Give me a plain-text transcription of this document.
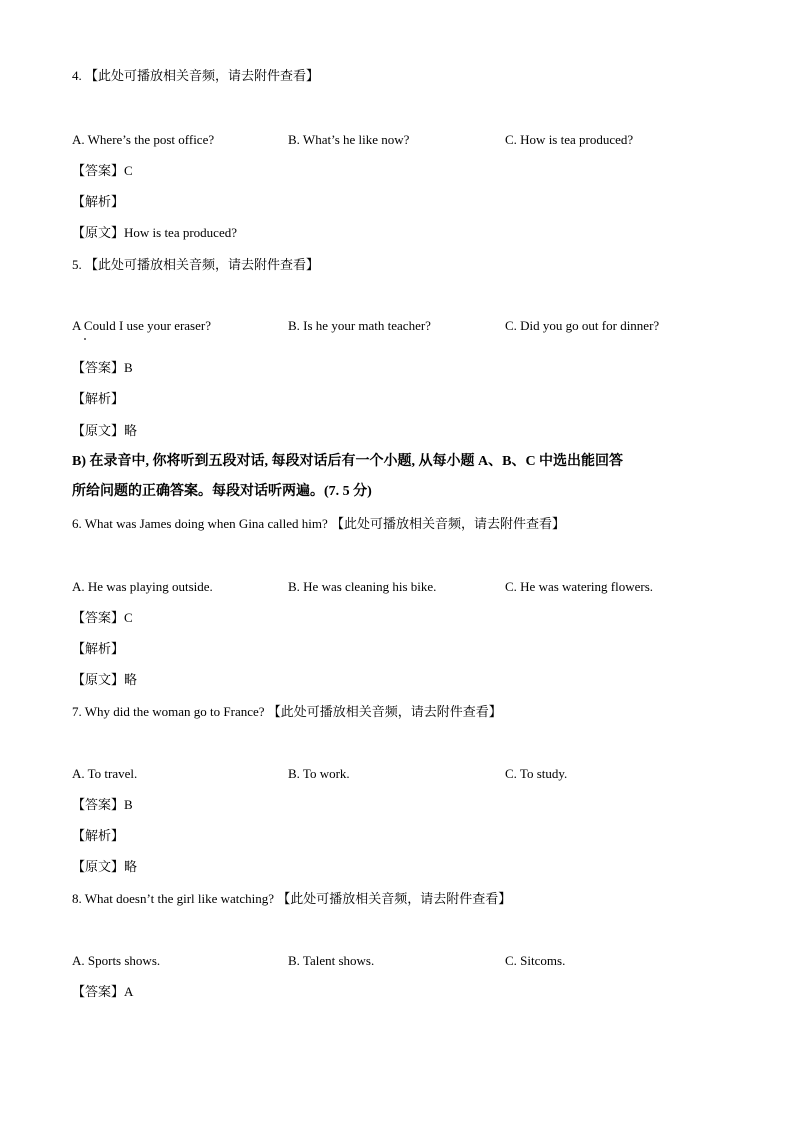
4. 【此处可播放相关音频，请去附件查看】
A. Where’s the post office?	B. What’s he like now?	C. How is tea produced?
【答案】C
【解析】
【原文】How is tea produced?
5. 【此处可播放相关音频，请去附件查看】
A Could I use your eraser?	B. Is he your math teacher?	C. Did you go out for dinner?
【答案】B
【解析】
【原文】略
B) 在录音中, 你将听到五段对话, 每段对话后有一个小题, 从每小题 A、B、C 中选出能回答
所给问题的正确答案。每段对话听两遍。(7. 5 分)
6. What was James doing when Gina called him? 【此处可播放相关音频，请去附件查看】
A. He was playing outside.	B. He was cleaning his bike.	C. He was watering flowers.
【答案】C
【解析】
【原文】略
7. Why did the woman go to France? 【此处可播放相关音频，请去附件查看】
A. To travel.	B. To work.	C. To study.
【答案】B
【解析】
【原文】略
8. What doesn’t the girl like watching? 【此处可播放相关音频，请去附件查看】
A. Sports shows.	B. Talent shows.	C. Sitcoms.
【答案】A
